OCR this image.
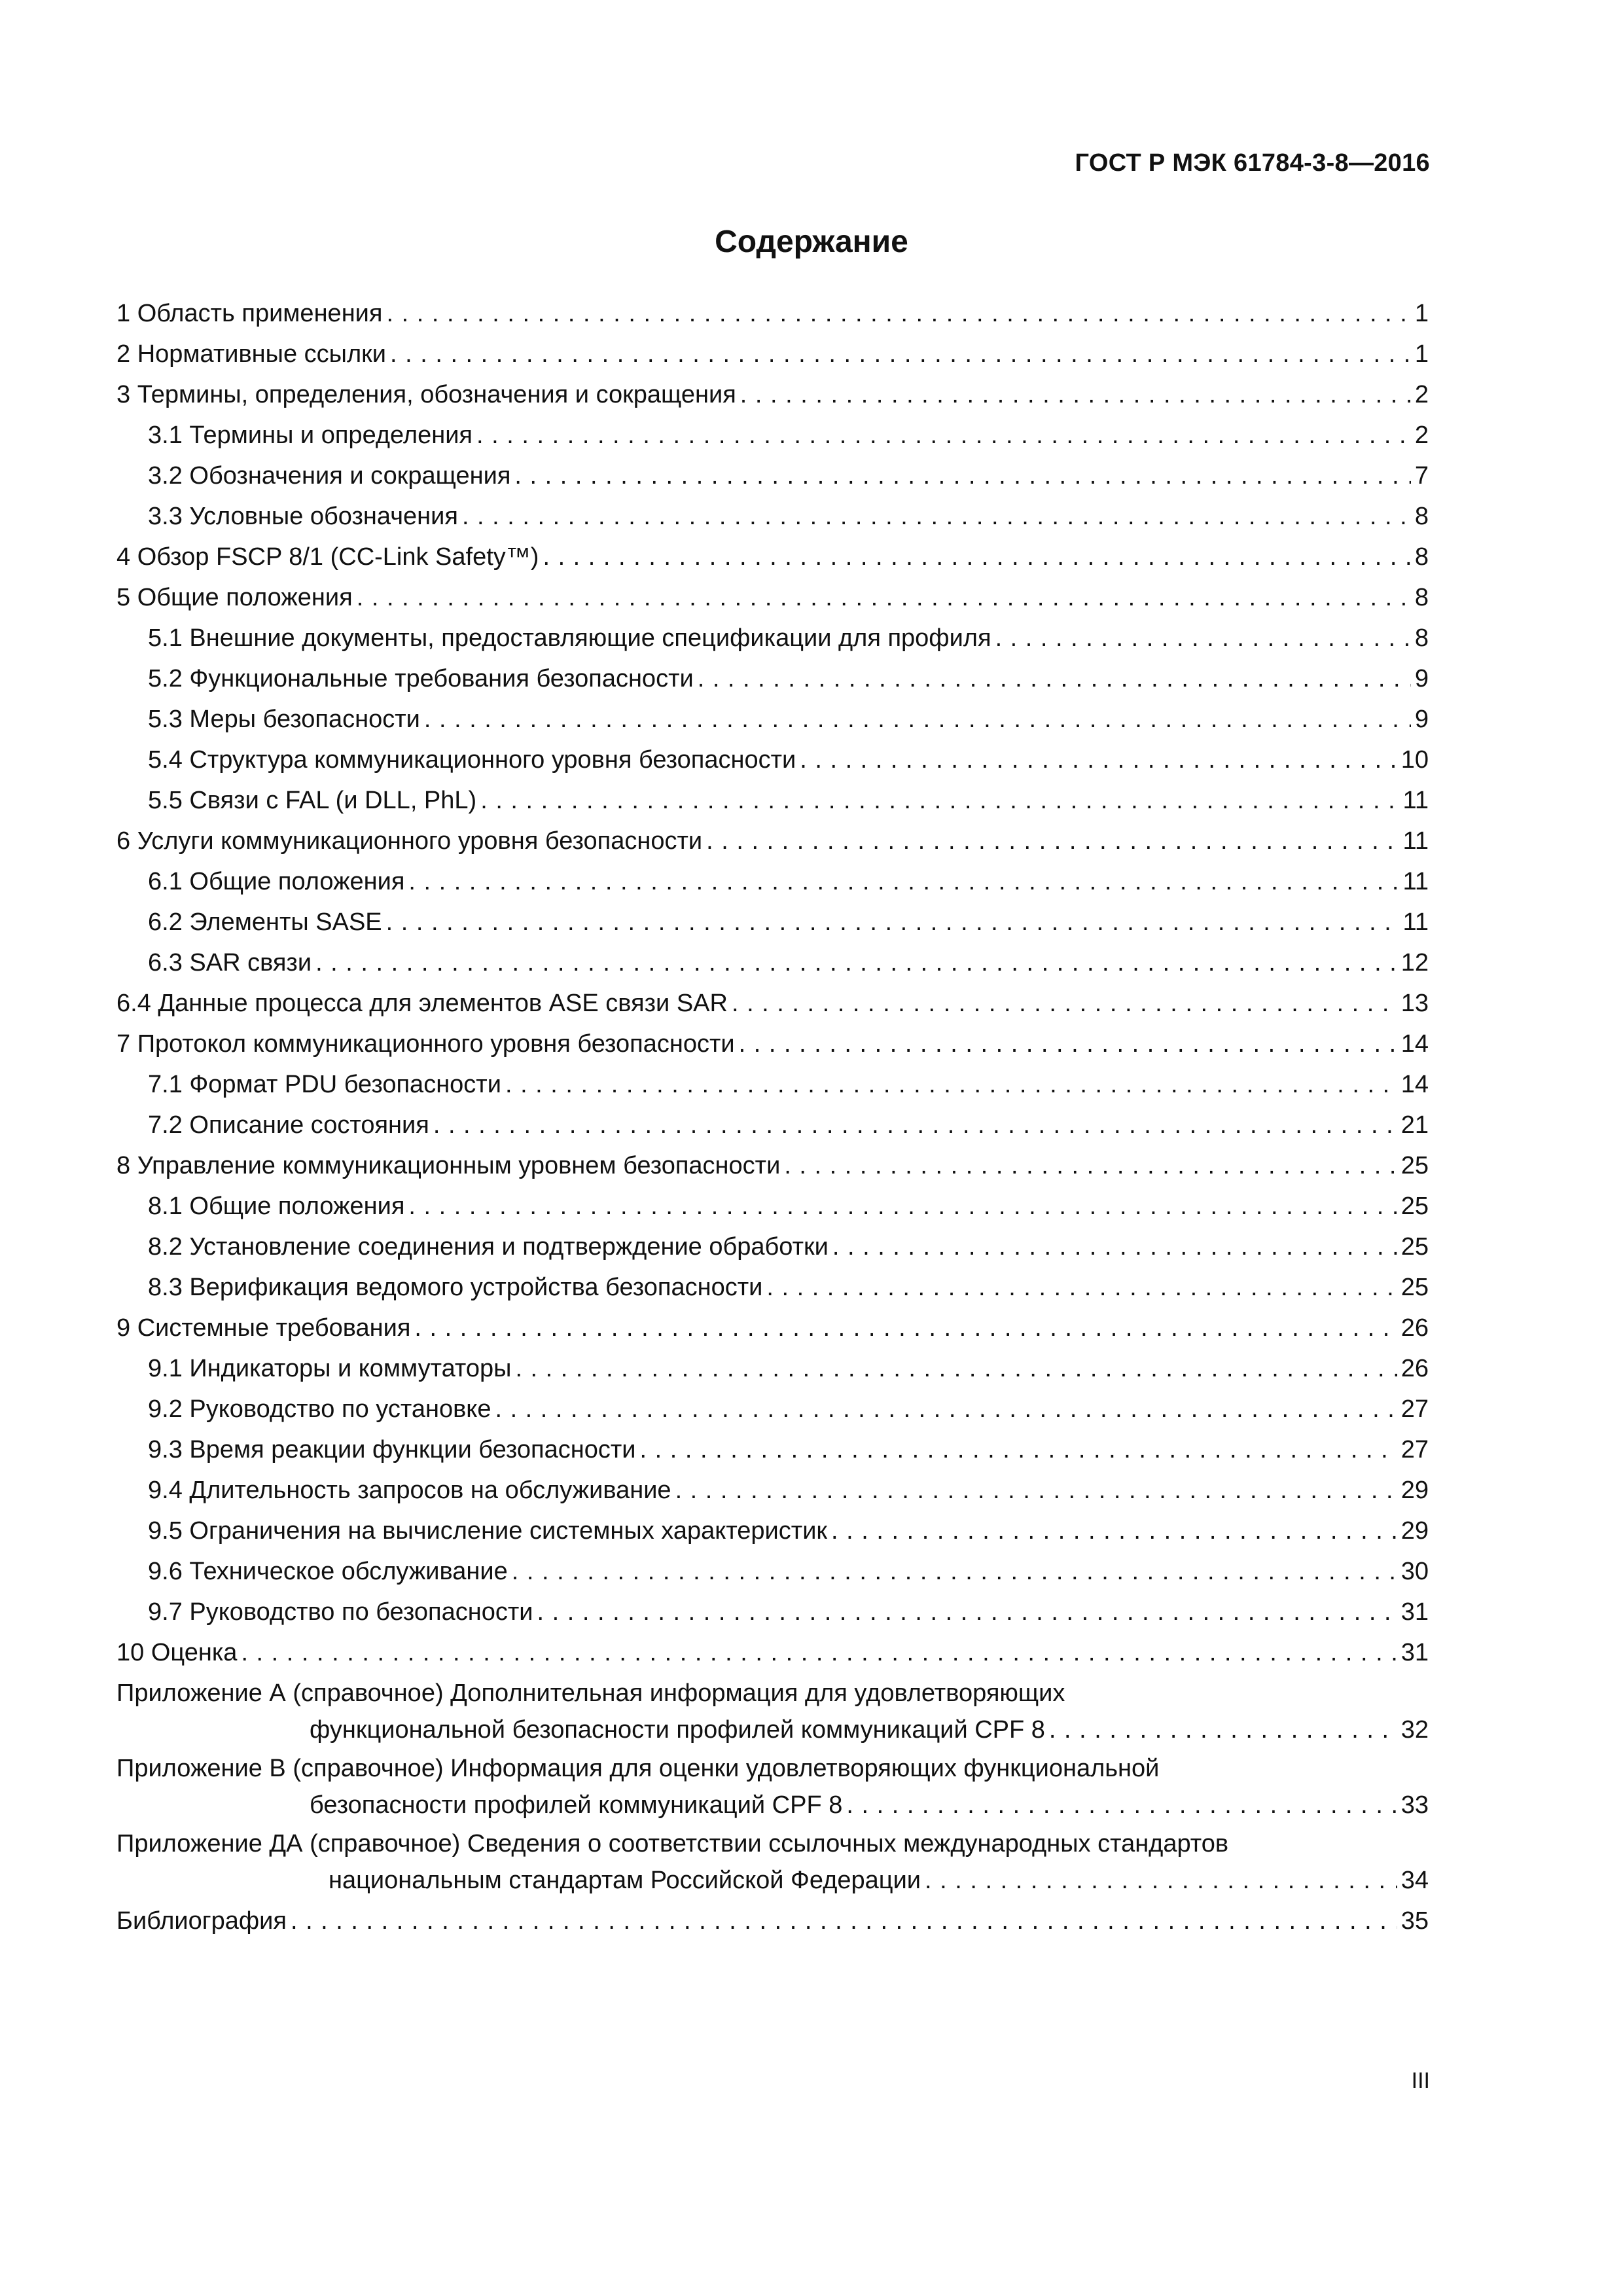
ГОСТ Р МЭК 61784-3-8—2016
Содержание
1 Область применения . . .	1
2 Нормативные ссылки . . .	1
3 Термины, определения, обозначения и сокращения . . .	2
3.1 Термины и определения . . .	2
3.2 Обозначения и сокращения . . .	7
3.3 Условные обозначения . . .	8
4 Обзор FSCP 8/1 (CC-Link Safety™) . . .	8
5 Общие положения . . .	8
5.1 Внешние документы, предоставляющие спецификации для профиля . . .	8
5.2 Функциональные требования безопасности . . .	9
5.3 Меры безопасности . . .	9
5.4 Структура коммуникационного уровня безопасности . . .	10
5.5 Связи с FAL (и DLL, PhL) . . .	11
6 Услуги коммуникационного уровня безопасности . . .	11
6.1 Общие положения . . .	11
6.2 Элементы SASE . . .	11
6.3 SAR связи . . .	12
6.4 Данные процесса для элементов ASE связи SAR . . .	13
7 Протокол коммуникационного уровня безопасности . . .	14
7.1 Формат PDU безопасности . . .	14
7.2 Описание состояния . . .	21
8 Управление коммуникационным уровнем безопасности . . .	25
8.1 Общие положения . . .	25
8.2 Установление соединения и подтверждение обработки . . .	25
8.3 Верификация ведомого устройства безопасности . . .	25
9 Системные требования . . .	26
9.1 Индикаторы и коммутаторы . . .	26
9.2 Руководство по установке . . .	27
9.3 Время реакции функции безопасности . . .	27
9.4 Длительность запросов на обслуживание . . .	29
9.5 Ограничения на вычисление системных характеристик . . .	29
9.6 Техническое обслуживание . . .	30
9.7 Руководство по безопасности . . .	31
10 Оценка . . .	31
Приложение А (справочное) Дополнительная информация для удовлетворяющих
функциональной безопасности профилей коммуникаций CPF 8 . . .	32
Приложение В (справочное) Информация для оценки удовлетворяющих функциональной
безопасности профилей коммуникаций CPF 8 . . .	33
Приложение ДА (справочное) Сведения о соответствии ссылочных международных стандартов
национальным стандартам Российской Федерации . . .	34
Библиография . . .	35
III
